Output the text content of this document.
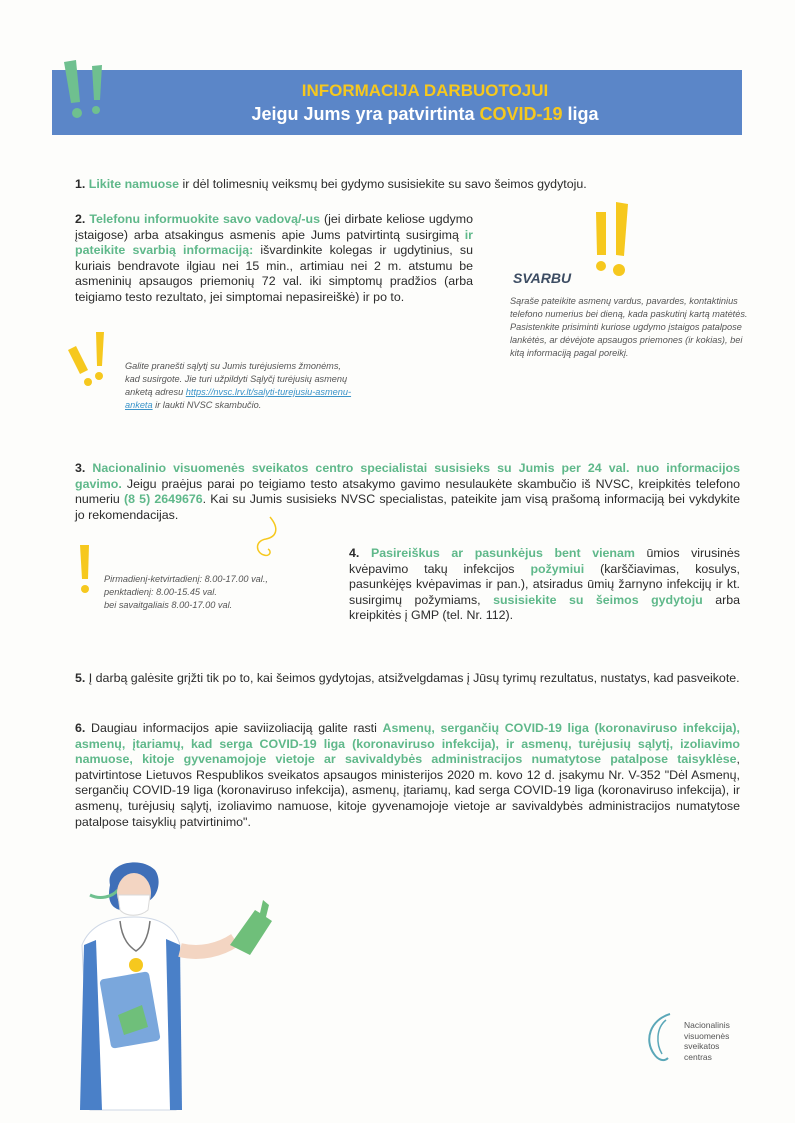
INFORMACIJA DARBUOTOJUI
Jeigu Jums yra patvirtinta COVID-19 liga
1. Likite namuose ir dėl tolimesnių veiksmų bei gydymo susisiekite su savo šeimos gydytoju.
2. Telefonu informuokite savo vadovą/-us (jei dirbate keliose ugdymo įstaigose) arba atsakingus asmenis apie Jums patvirtintą susirgimą ir pateikite svarbią informaciją: išvardinkite kolegas ir ugdytinius, su kuriais bendravote ilgiau nei 15 min., artimiau nei 2 m. atstumu be asmeninių apsaugos priemonių 72 val. iki simptomų pradžios (arba teigiamo testo rezultato, jei simptomai nepasireiškė) ir po to.
SVARBU
Sąraše pateikite asmenų vardus, pavardes, kontaktinius telefono numerius bei dieną, kada paskutinį kartą matėtės. Pasistenkite prisiminti kuriose ugdymo įstaigos patalpose lankėtės, ar dėvėjote apsaugos priemones (ir kokias), bei kitą informaciją pagal poreikį.
Galite pranešti sąlytį su Jumis turėjusiems žmonėms, kad susirgote. Jie turi užpildyti Sąlyčį turėjusių asmenų anketą adresu https://nvsc.lrv.lt/salyti-turejusiu-asmenu-anketa ir laukti NVSC skambučio.
3. Nacionalinio visuomenės sveikatos centro specialistai susisieks su Jumis per 24 val. nuo informacijos gavimo. Jeigu praėjus parai po teigiamo testo atsakymo gavimo nesulaukėte skambučio iš NVSC, kreipkitės telefono numeriu (8 5) 2649676. Kai su Jumis susisieks NVSC specialistas, pateikite jam visą prašomą informaciją bei vykdykite jo rekomendacijas.
Pirmadienį-ketvirtadienį: 8.00-17.00 val.,
penktadienį: 8.00-15.45 val.
bei savaitgaliais 8.00-17.00 val.
4. Pasireiškus ar pasunkėjus bent vienam ūmios virusinės kvėpavimo takų infekcijos požymiui (karščiavimas, kosulys, pasunkėjęs kvėpavimas ir pan.), atsiradus ūmių žarnyno infekcijų ir kt. susirgimų požymiams, susisiekite su šeimos gydytoju arba kreipkitės į GMP (tel. Nr. 112).
5. Į darbą galėsite grįžti tik po to, kai šeimos gydytojas, atsižvelgdamas į Jūsų tyrimų rezultatus, nustatys, kad pasveikote.
6. Daugiau informacijos apie saviizoliaciją galite rasti Asmenų, sergančių COVID-19 liga (koronaviruso infekcija), asmenų, įtariamų, kad serga COVID-19 liga (koronaviruso infekcija), ir asmenų, turėjusių sąlytį, izoliavimo namuose, kitoje gyvenamojoje vietoje ar savivaldybės administracijos numatytose patalpose taisyklėse, patvirtintose Lietuvos Respublikos sveikatos apsaugos ministerijos 2020 m. kovo 12 d. įsakymu Nr. V-352 "Dėl Asmenų, sergančių COVID-19 liga (koronaviruso infekcija), asmenų, įtariamų, kad serga COVID-19 liga (koronaviruso infekcija), ir asmenų, turėjusių sąlytį, izoliavimo namuose, kitoje gyvenamojoje vietoje ar savivaldybės administracijos numatytose patalpose taisyklių patvirtinimo".
Nacionalinis
visuomenės
sveikatos
centras
